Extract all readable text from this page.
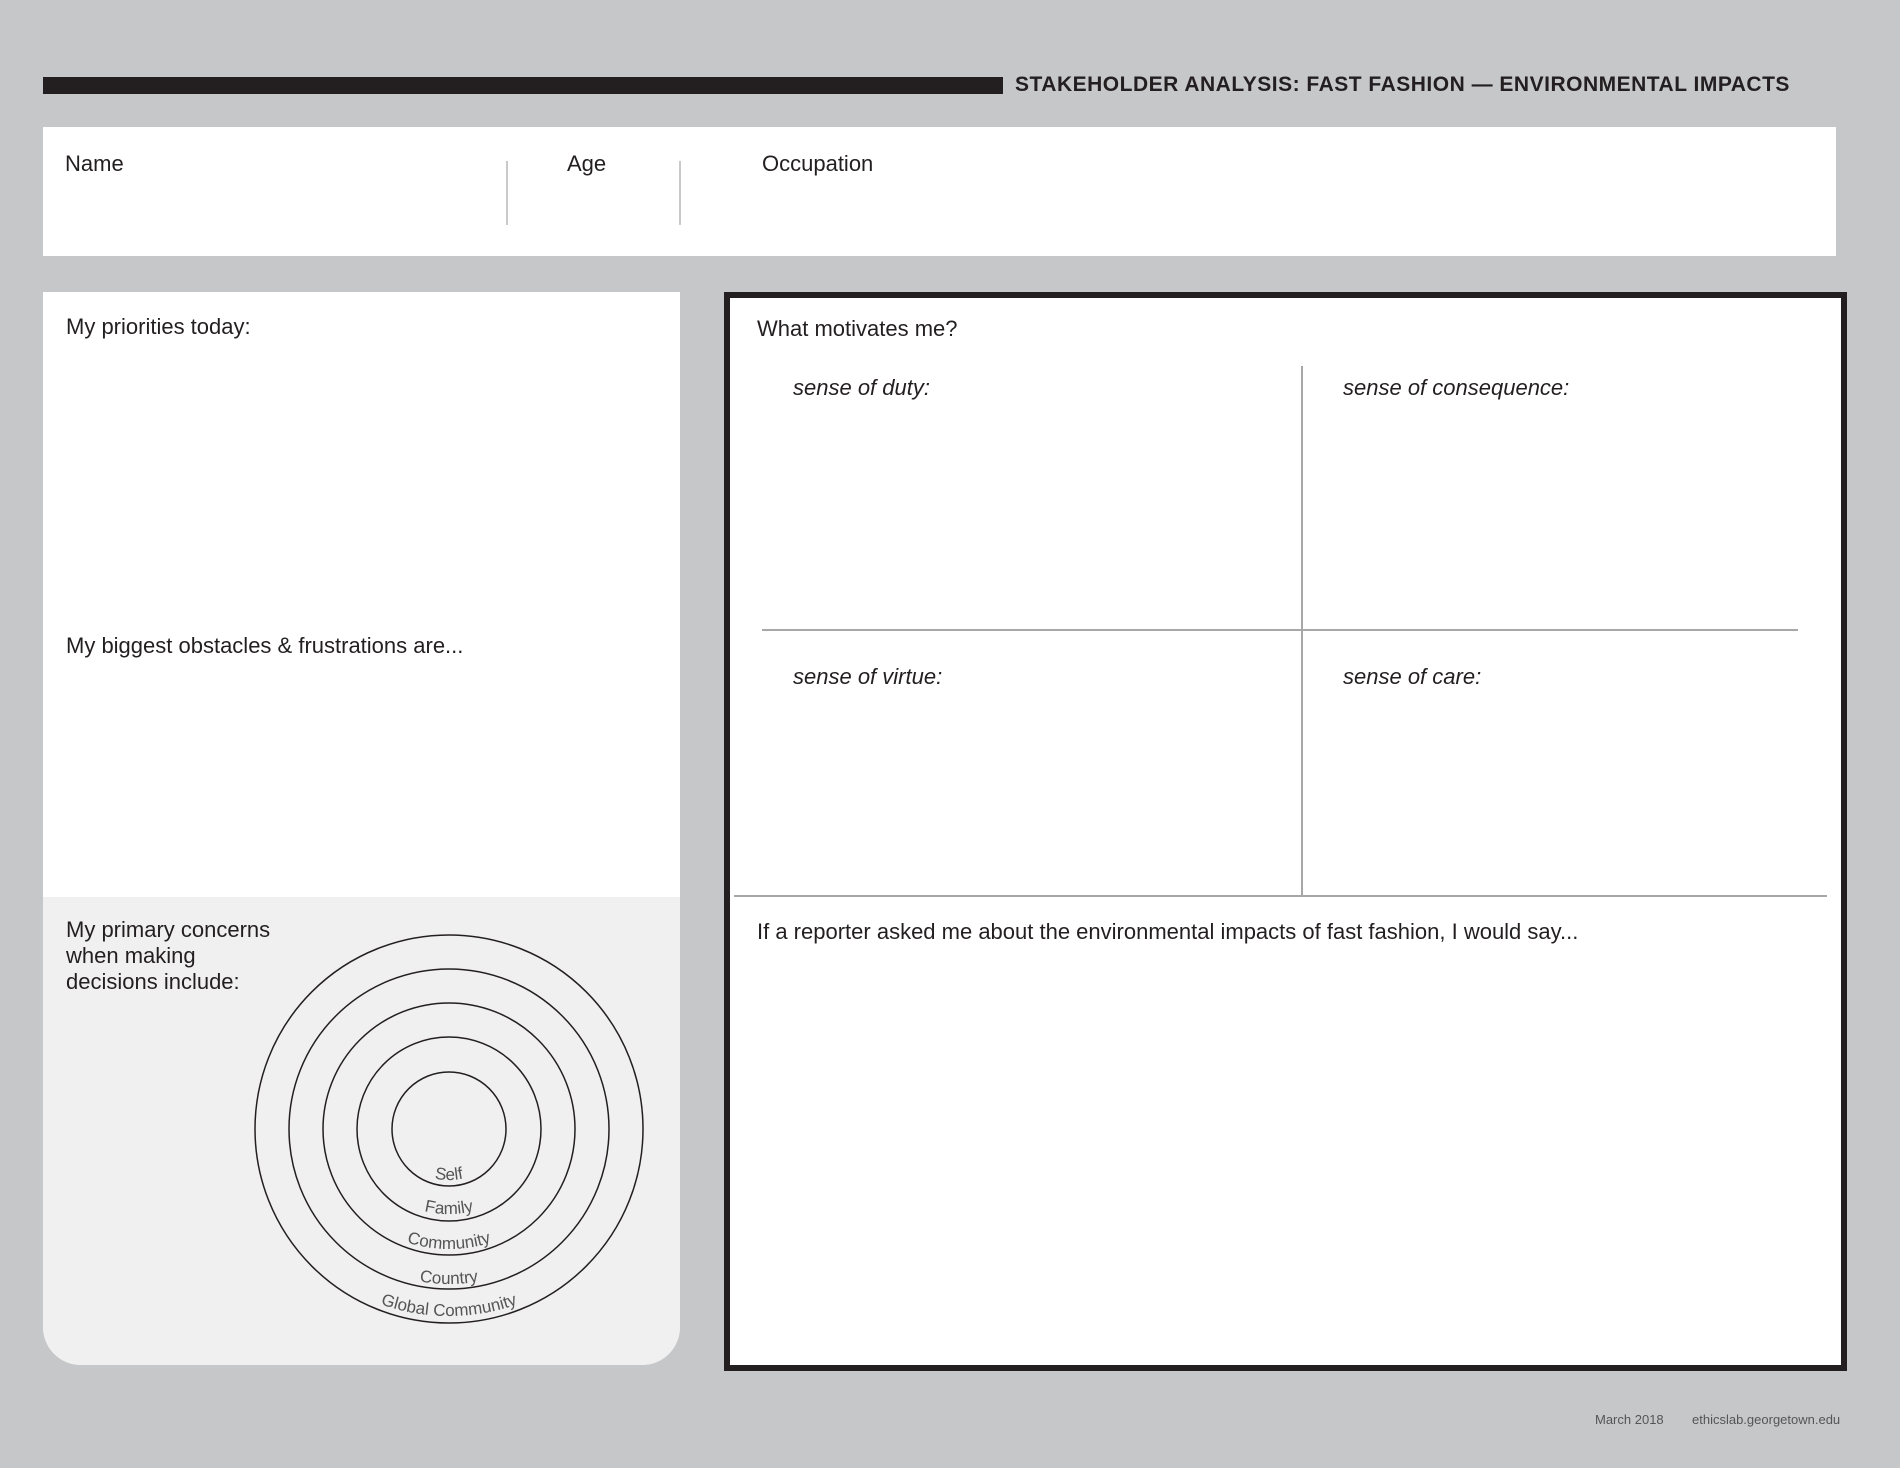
STAKEHOLDER ANALYSIS: FAST FASHION — ENVIRONMENTAL IMPACTS
Name	Age	Occupation
My priorities today:
My biggest obstacles & frustrations are...
My primary concerns
when making
decisions include:
Self
Family
Community
Country
Global Community
What motivates me?
sense of duty:	sense of consequence:
sense of virtue:	sense of care:
If a reporter asked me about the environmental impacts of fast fashion, I would say...
March 2018 ethicslab.georgetown.edu
